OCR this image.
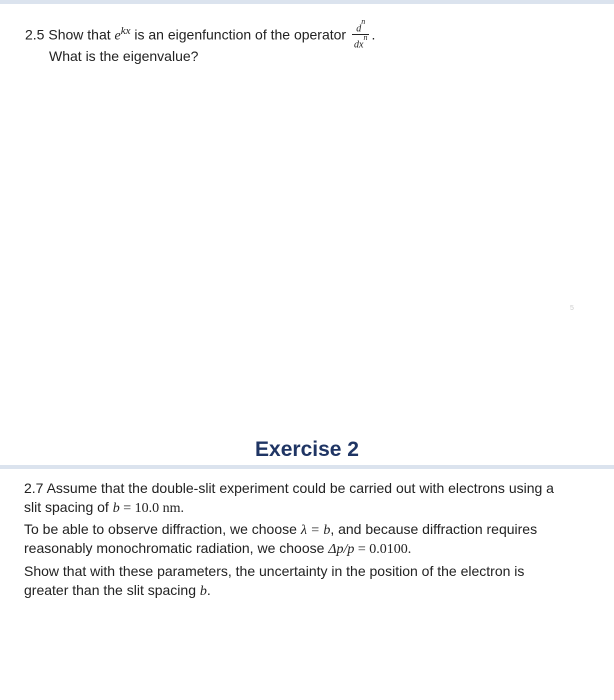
2.5 Show that $e^{kx}$ is an eigenfunction of the operator $\frac{d^n}{dx^n}$ .
What is the eigenvalue?
5
Exercise 2
2.7 Assume that the double-slit experiment could be carried out with electrons using a
slit spacing of b = 10.0 nm.
To be able to observe diffraction, we choose λ = b, and because diffraction requires
reasonably monochromatic radiation, we choose Δp/p = 0.0100.
Show that with these parameters, the uncertainty in the position of the electron is
greater than the slit spacing b.
